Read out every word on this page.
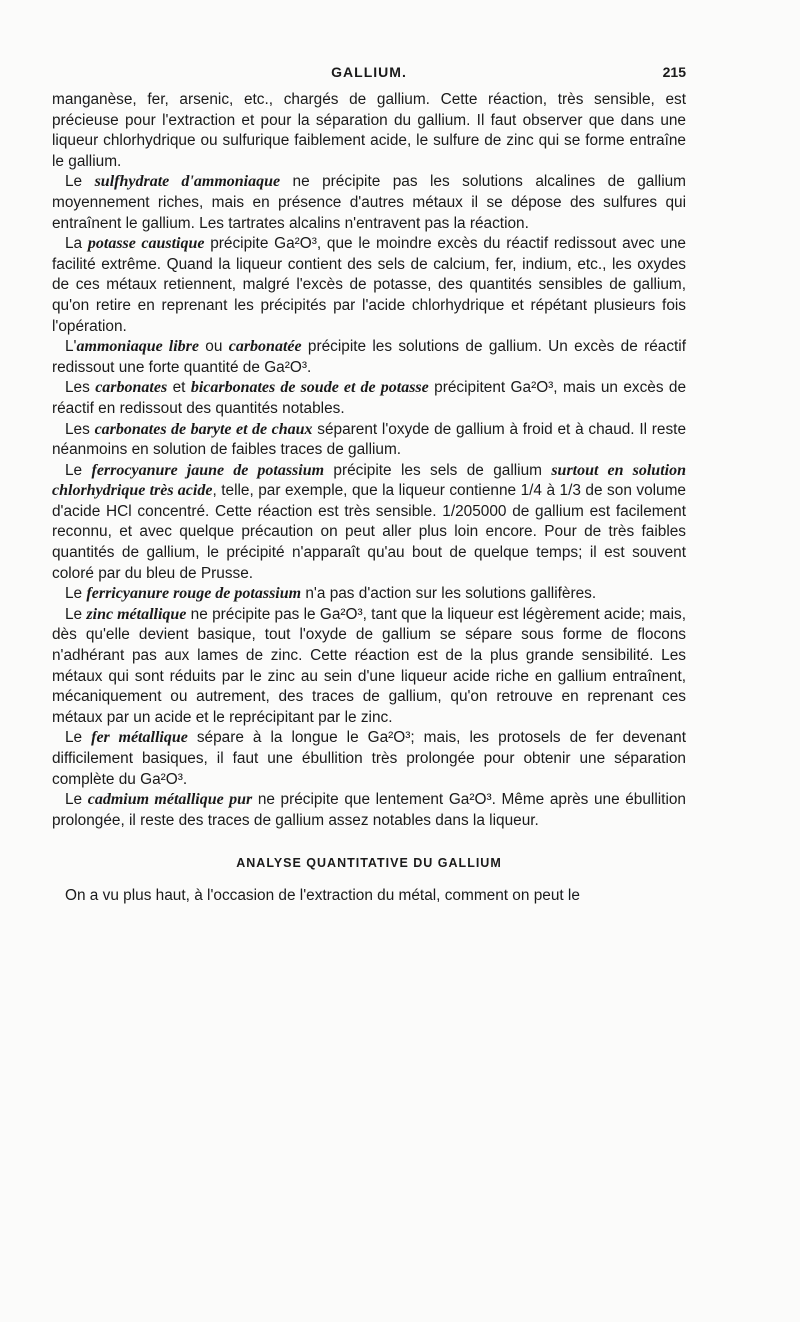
GALLIUM.	215

manganèse, fer, arsenic, etc., chargés de gallium. Cette réaction, très sensible, est précieuse pour l'extraction et pour la séparation du gallium. Il faut observer que dans une liqueur chlorhydrique ou sulfurique faiblement acide, le sulfure de zinc qui se forme entraîne le gallium.

Le sulfhydrate d'ammoniaque ne précipite pas les solutions alcalines de gallium moyennement riches, mais en présence d'autres métaux il se dépose des sulfures qui entraînent le gallium. Les tartrates alcalins n'entravent pas la réaction.

La potasse caustique précipite Ga²O³, que le moindre excès du réactif redissout avec une facilité extrême. Quand la liqueur contient des sels de calcium, fer, indium, etc., les oxydes de ces métaux retiennent, malgré l'excès de potasse, des quantités sensibles de gallium, qu'on retire en reprenant les précipités par l'acide chlorhydrique et répétant plusieurs fois l'opération.

L'ammoniaque libre ou carbonatée précipite les solutions de gallium. Un excès de réactif redissout une forte quantité de Ga²O³.

Les carbonates et bicarbonates de soude et de potasse précipitent Ga²O³, mais un excès de réactif en redissout des quantités notables.

Les carbonates de baryte et de chaux séparent l'oxyde de gallium à froid et à chaud. Il reste néanmoins en solution de faibles traces de gallium.

Le ferrocyanure jaune de potassium précipite les sels de gallium surtout en solution chlorhydrique très acide, telle, par exemple, que la liqueur contienne 1/4 à 1/3 de son volume d'acide HCl concentré. Cette réaction est très sensible. 1/205000 de gallium est facilement reconnu, et avec quelque précaution on peut aller plus loin encore. Pour de très faibles quantités de gallium, le précipité n'apparaît qu'au bout de quelque temps; il est souvent coloré par du bleu de Prusse.

Le ferricyanure rouge de potassium n'a pas d'action sur les solutions gallifères.

Le zinc métallique ne précipite pas le Ga²O³, tant que la liqueur est légèrement acide; mais, dès qu'elle devient basique, tout l'oxyde de gallium se sépare sous forme de flocons n'adhérant pas aux lames de zinc. Cette réaction est de la plus grande sensibilité. Les métaux qui sont réduits par le zinc au sein d'une liqueur acide riche en gallium entraînent, mécaniquement ou autrement, des traces de gallium, qu'on retrouve en reprenant ces métaux par un acide et le reprécipitant par le zinc.

Le fer métallique sépare à la longue le Ga²O³; mais, les protosels de fer devenant difficilement basiques, il faut une ébullition très prolongée pour obtenir une séparation complète du Ga²O³.

Le cadmium métallique pur ne précipite que lentement Ga²O³. Même après une ébullition prolongée, il reste des traces de gallium assez notables dans la liqueur.

ANALYSE QUANTITATIVE DU GALLIUM

On a vu plus haut, à l'occasion de l'extraction du métal, comment on peut le
